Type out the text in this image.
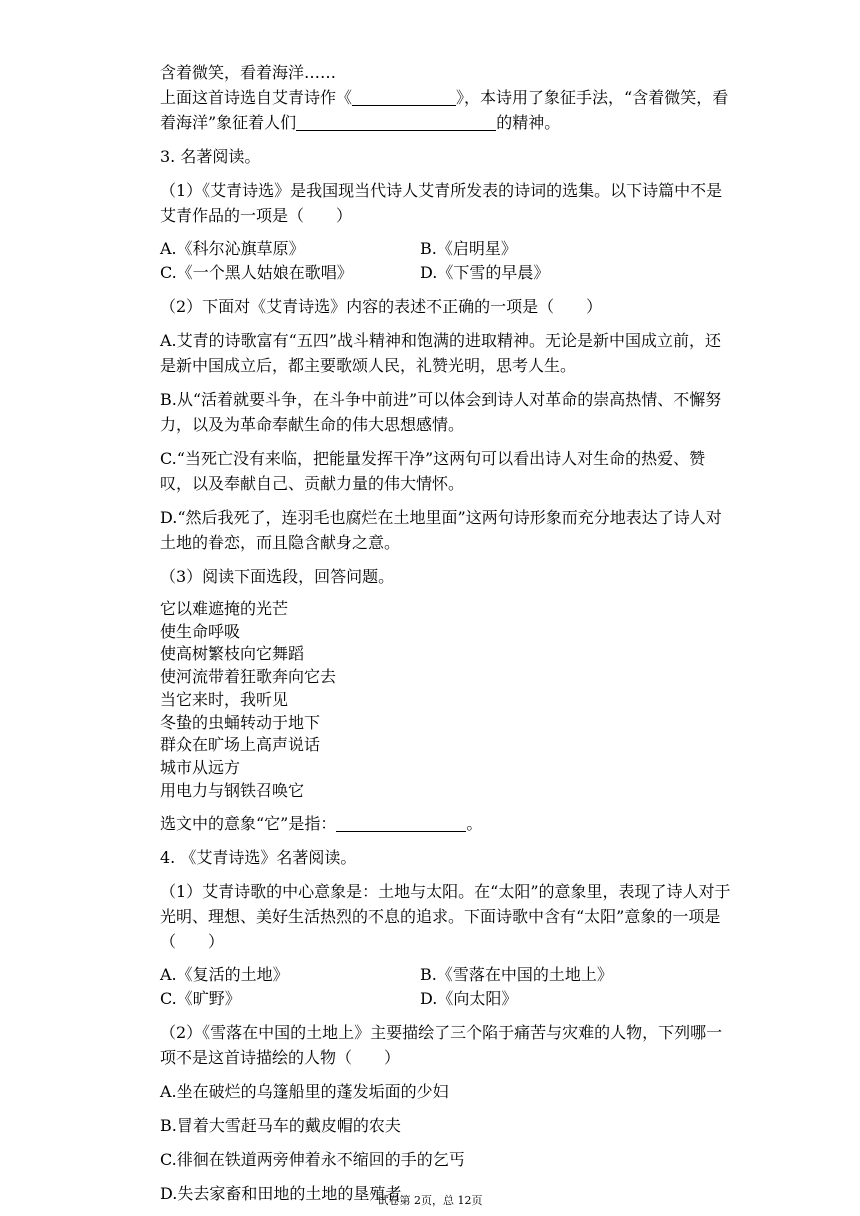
含着微笑，看着海洋……

上面这首诗选自艾青诗作《	》，本诗用了象征手法，“含着微笑，看着海洋”象征着人们	的精神。

3. 名著阅读。

（1）《艾青诗选》是我国现当代诗人艾青所发表的诗词的选集。以下诗篇中不是艾青作品的一项是（　　）

A.《科尔沁旗草原》	B.《启明星》
C.《一个黑人姑娘在歌唱》	D.《下雪的早晨》

（2）下面对《艾青诗选》内容的表述不正确的一项是（　　）

A.艾青的诗歌富有“五四”战斗精神和饱满的进取精神。无论是新中国成立前，还是新中国成立后，都主要歌颂人民，礼赞光明，思考人生。

B.从“活着就要斗争，在斗争中前进”可以体会到诗人对革命的崇高热情、不懈努力，以及为革命奉献生命的伟大思想感情。

C.“当死亡没有来临，把能量发挥干净”这两句可以看出诗人对生命的热爱、赞叹，以及奉献自己、贡献力量的伟大情怀。

D.“然后我死了，连羽毛也腐烂在土地里面”这两句诗形象而充分地表达了诗人对土地的眷恋，而且隐含献身之意。

（3）阅读下面选段，回答问题。

它以难遮掩的光芒
使生命呼吸
使高树繁枝向它舞蹈
使河流带着狂歌奔向它去
当它来时，我听见
冬蛰的虫蛹转动于地下
群众在旷场上高声说话
城市从远方
用电力与钢铁召唤它

选文中的意象“它”是指：	。

4. 《艾青诗选》名著阅读。

（1）艾青诗歌的中心意象是：土地与太阳。在“太阳”的意象里，表现了诗人对于光明、理想、美好生活热烈的不息的追求。下面诗歌中含有“太阳”意象的一项是（　　）

A.《复活的土地》	B.《雪落在中国的土地上》
C.《旷野》	D.《向太阳》

（2）《雪落在中国的土地上》主要描绘了三个陷于痛苦与灾难的人物，下列哪一项不是这首诗描绘的人物（　　）

A.坐在破烂的乌篷船里的蓬发垢面的少妇

B.冒着大雪赶马车的戴皮帽的农夫

C.徘徊在铁道两旁伸着永不缩回的手的乞丐

D.失去家畜和田地的土地的垦殖者

试卷第 2页，总 12页
